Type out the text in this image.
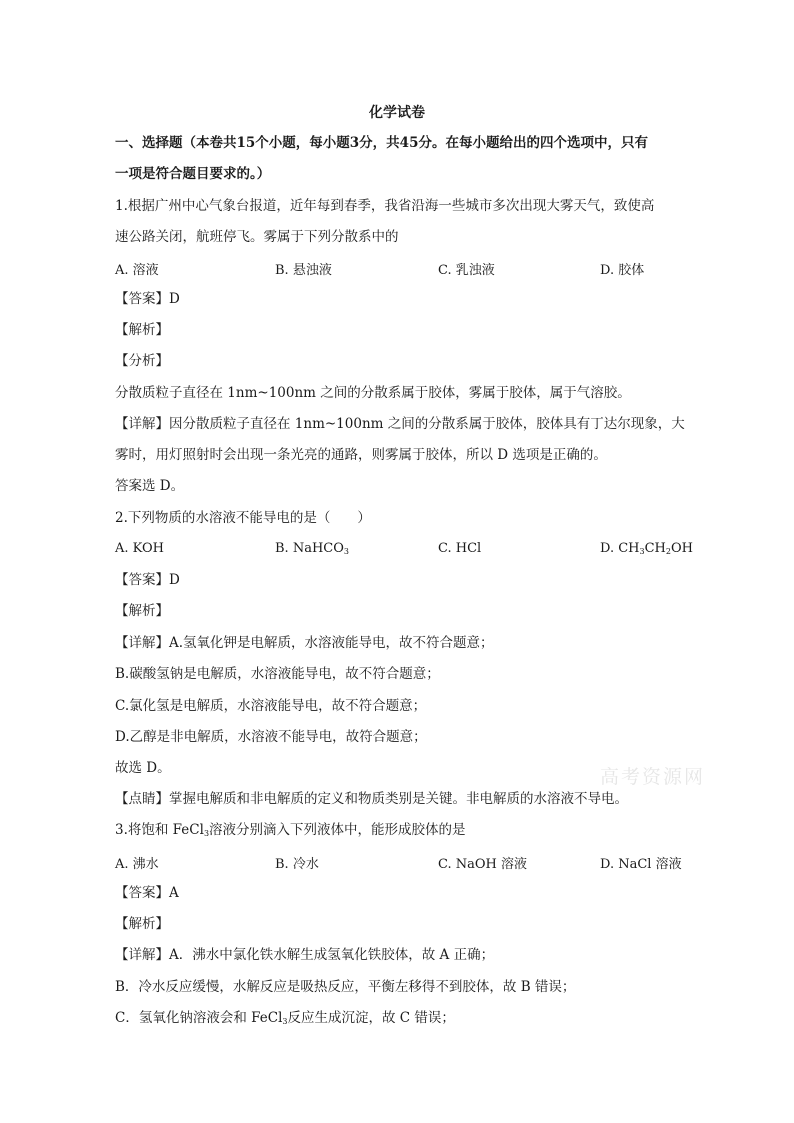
化学试卷
一、选择题（本卷共15个小题，每小题3分，共45分。在每小题给出的四个选项中，只有
一项是符合题目要求的。）
1.根据广州中心气象台报道，近年每到春季，我省沿海一些城市多次出现大雾天气，致使高
速公路关闭，航班停飞。雾属于下列分散系中的
A. 溶液	B. 悬浊液	C. 乳浊液	D. 胶体
【答案】D
【解析】
【分析】
分散质粒子直径在 1nm~100nm 之间的分散系属于胶体，雾属于胶体，属于气溶胶。
【详解】因分散质粒子直径在 1nm~100nm 之间的分散系属于胶体，胶体具有丁达尔现象，大
雾时，用灯照射时会出现一条光亮的通路，则雾属于胶体，所以 D 选项是正确的。
答案选 D。
2.下列物质的水溶液不能导电的是（　　）
A. KOH	B. NaHCO$_3$	C. HCl	D. $CH_3CH_2OH$
【答案】D
【解析】
【详解】A.氢氧化钾是电解质，水溶液能导电，故不符合题意；
B.碳酸氢钠是电解质，水溶液能导电，故不符合题意；
C.氯化氢是电解质，水溶液能导电，故不符合题意；
D.乙醇是非电解质，水溶液不能导电，故符合题意；
故选 D。
【点睛】掌握电解质和非电解质的定义和物质类别是关键。非电解质的水溶液不导电。
3.将饱和 FeCl$_3$溶液分别滴入下列液体中，能形成胶体的是
A. 沸水	B. 冷水	C. NaOH 溶液	D. NaCl 溶液
【答案】A
【解析】
【详解】A．沸水中氯化铁水解生成氢氧化铁胶体，故 A 正确；
B．冷水反应缓慢，水解反应是吸热反应，平衡左移得不到胶体，故 B 错误；
C．氢氧化钠溶液会和 FeCl$_3$反应生成沉淀，故 C 错误；
高考资源网
